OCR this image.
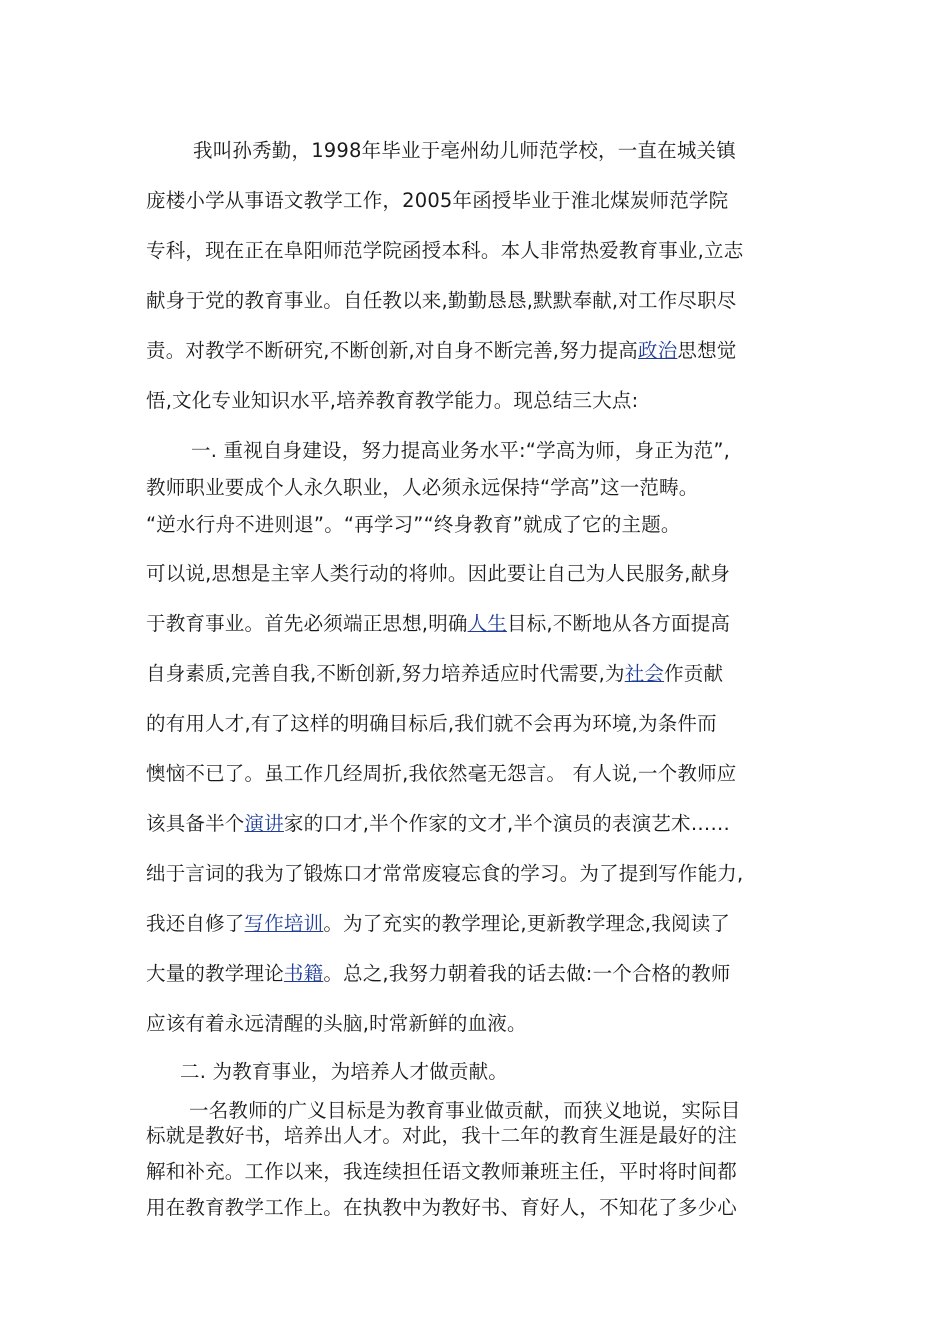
我叫孙秀勤，1998年毕业于亳州幼儿师范学校，一直在城关镇
庞楼小学从事语文教学工作，2005年函授毕业于淮北煤炭师范学院
专科，现在正在阜阳师范学院函授本科。本人非常热爱教育事业,立志
献身于党的教育事业。自任教以来,勤勤恳恳,默默奉献,对工作尽职尽
责。对教学不断研究,不断创新,对自身不断完善,努力提高政治思想觉
悟,文化专业知识水平,培养教育教学能力。现总结三大点:
一. 重视自身建设，努力提高业务水平:“学高为师，身正为范”,
教师职业要成个人永久职业，人必须永远保持“学高”这一范畴。
“逆水行舟不进则退”。“再学习”“终身教育”就成了它的主题。
可以说,思想是主宰人类行动的将帅。因此要让自己为人民服务,献身
于教育事业。首先必须端正思想,明确人生目标,不断地从各方面提高
自身素质,完善自我,不断创新,努力培养适应时代需要,为社会作贡献
的有用人才,有了这样的明确目标后,我们就不会再为环境,为条件而
懊恼不已了。虽工作几经周折,我依然毫无怨言。 有人说,一个教师应
该具备半个演讲家的口才,半个作家的文才,半个演员的表演艺术……
绌于言词的我为了锻炼口才常常废寝忘食的学习。为了提到写作能力,
我还自修了写作培训。为了充实的教学理论,更新教学理念,我阅读了
大量的教学理论书籍。总之,我努力朝着我的话去做:一个合格的教师
应该有着永远清醒的头脑,时常新鲜的血液。
二. 为教育事业，为培养人才做贡献。
一名教师的广义目标是为教育事业做贡献，而狭义地说，实际目
标就是教好书，培养出人才。对此，我十二年的教育生涯是最好的注
解和补充。工作以来，我连续担任语文教师兼班主任，平时将时间都
用在教育教学工作上。在执教中为教好书、育好人，不知花了多少心
